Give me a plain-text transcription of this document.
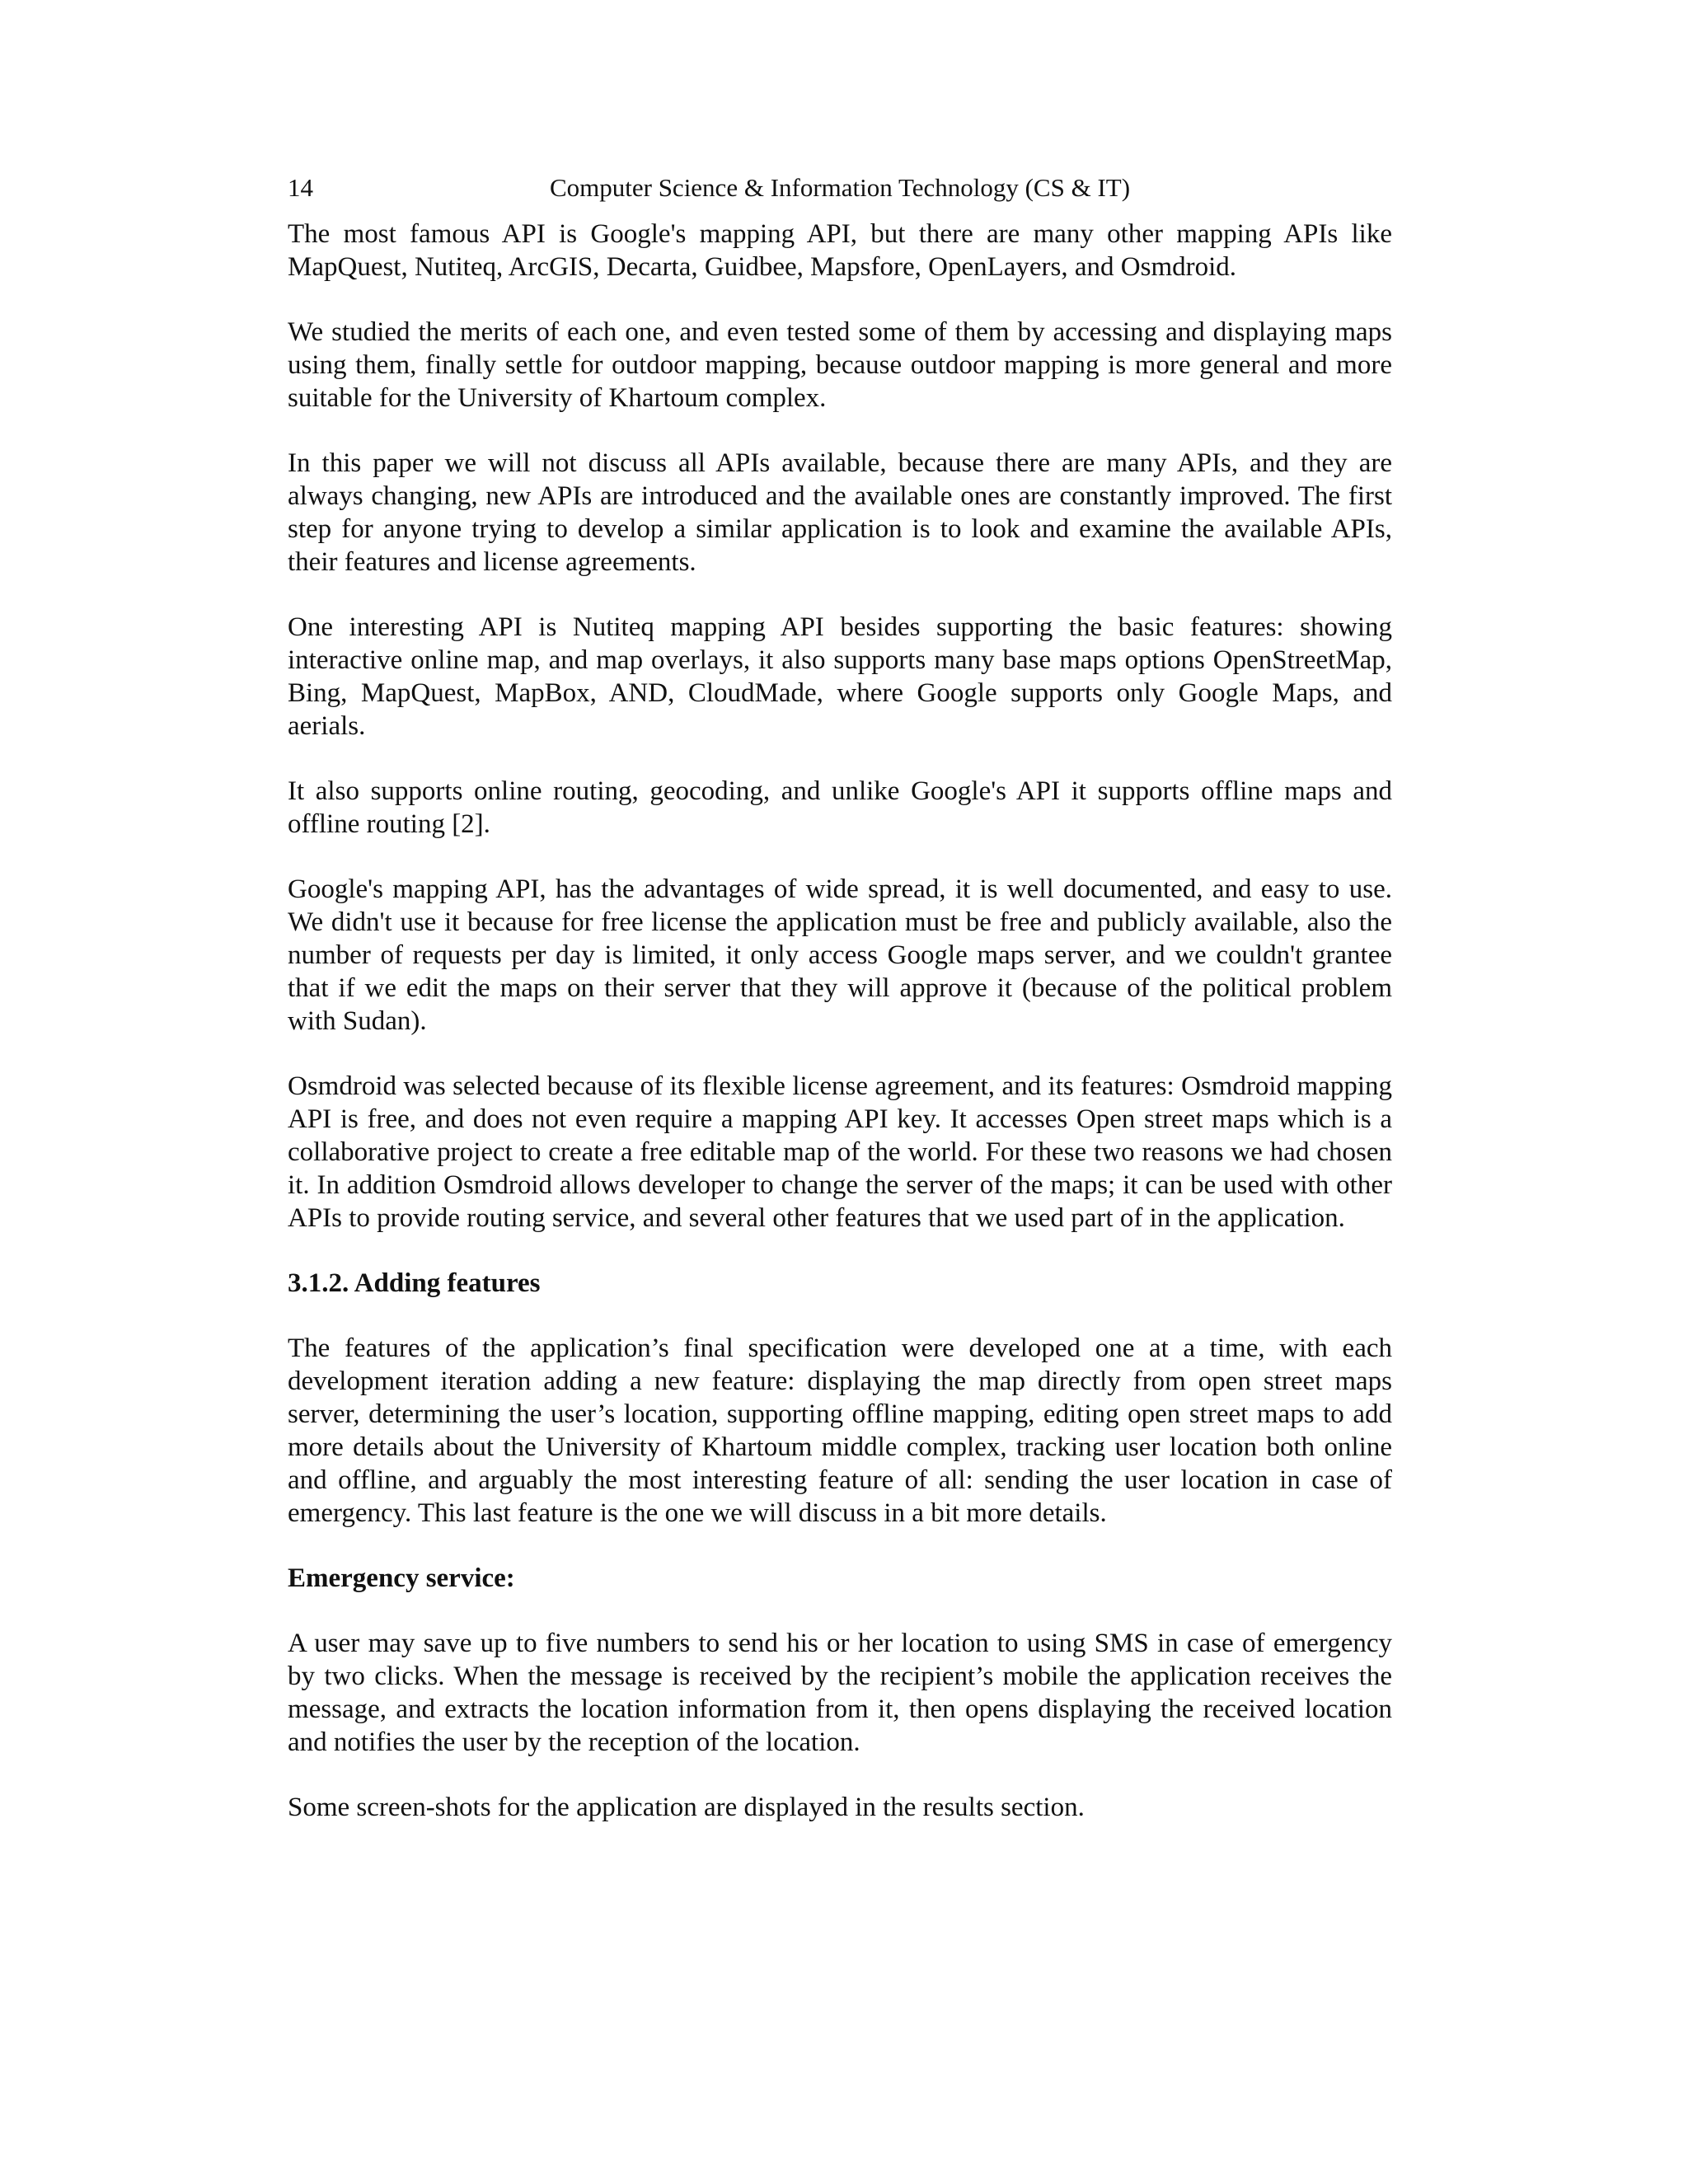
14	Computer Science & Information Technology (CS & IT)

The most famous API is Google's mapping API, but there are many other mapping APIs like MapQuest, Nutiteq, ArcGIS, Decarta, Guidbee, Mapsfore, OpenLayers, and Osmdroid.

We studied the merits of each one, and even tested some of them by accessing and displaying maps using them, finally settle for outdoor mapping, because outdoor mapping is more general and more suitable for the University of Khartoum complex.

In this paper we will not discuss all APIs available, because there are many APIs, and they are always changing, new APIs are introduced and the available ones are constantly improved. The first step for anyone trying to develop a similar application is to look and examine the available APIs, their features and license agreements.

One interesting API is Nutiteq mapping API besides supporting the basic features: showing interactive online map, and map overlays, it also supports many base maps options OpenStreetMap, Bing, MapQuest, MapBox, AND, CloudMade, where Google supports only Google Maps, and aerials.

It also supports online routing, geocoding, and unlike Google's API it supports offline maps and offline routing [2].

Google's mapping API, has the advantages of wide spread, it is well documented, and easy to use. We didn't use it because for free license the application must be free and publicly available, also the number of requests per day is limited, it only access Google maps server, and we couldn't grantee that if we edit the maps on their server that they will approve it (because of the political problem with Sudan).

Osmdroid was selected because of its flexible license agreement, and its features: Osmdroid mapping API is free, and does not even require a mapping API key. It accesses Open street maps which is a collaborative project to create a free editable map of the world. For these two reasons we had chosen it. In addition Osmdroid allows developer to change the server of the maps; it can be used with other APIs to provide routing service, and several other features that we used part of in the application.

3.1.2. Adding features

The features of the application’s final specification were developed one at a time, with each development iteration adding a new feature: displaying the map directly from open street maps server, determining the user’s location, supporting offline mapping, editing open street maps to add more details about the University of Khartoum middle complex, tracking user location both online and offline, and arguably the most interesting feature of all: sending the user location in case of emergency. This last feature is the one we will discuss in a bit more details.

Emergency service:

A user may save up to five numbers to send his or her location to using SMS in case of emergency by two clicks. When the message is received by the recipient’s mobile the application receives the message, and extracts the location information from it, then opens displaying the received location and notifies the user by the reception of the location.

Some screen-shots for the application are displayed in the results section.
